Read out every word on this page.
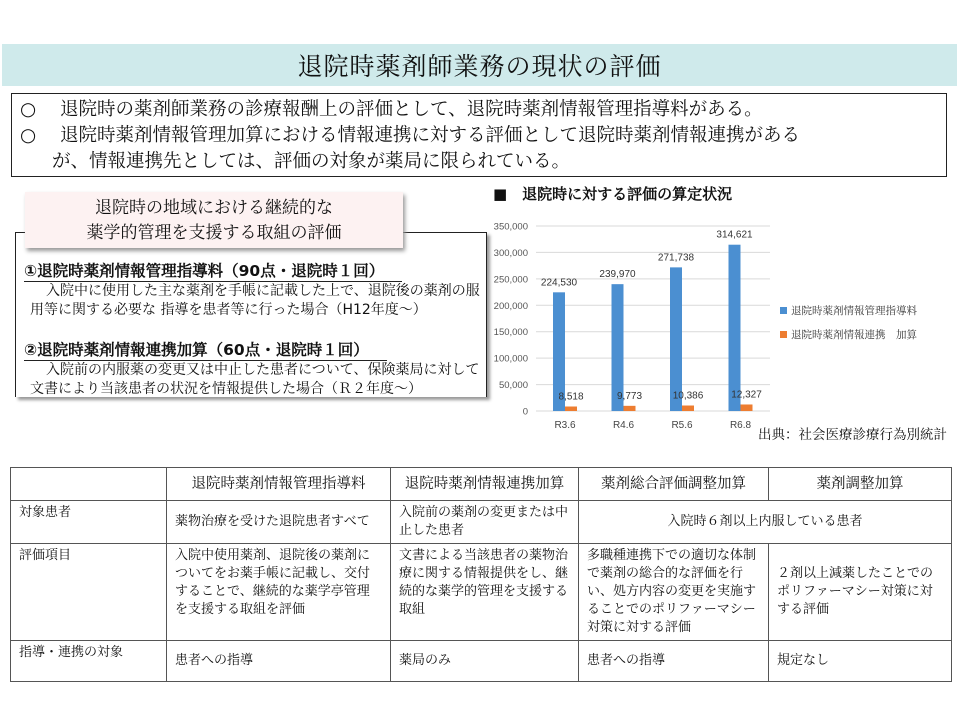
退院時薬剤師業務の現状の評価
○ 退院時の薬剤師業務の診療報酬上の評価として、退院時薬剤情報管理指導料がある。
○ 退院時薬剤情報管理加算における情報連携に対する評価として退院時薬剤情報連携がある
が、情報連携先としては、評価の対象が薬局に限られている。
退院時の地域における継続的な
薬学的管理を支援する取組の評価
①退院時薬剤情報管理指導料（90点・退院時１回）
入院中に使用した主な薬剤を手帳に記載した上で、退院後の薬剤の服
用等に関する必要な 指導を患者等に行った場合（H12年度～）
②退院時薬剤情報連携加算（60点・退院時１回）
入院前の内服薬の変更又は中止した患者について、保険薬局に対して
文書により当該患者の状況を情報提供した場合（Ｒ２年度～）
■　退院時に対する評価の算定状況
0
50,000
100,000
150,000
200,000
250,000
300,000
350,000
224,530
8,518
R3.6
239,970
9,773
R4.6
271,738
10,386
R5.6
314,621
12,327
R6.8
退院時薬剤情報管理指導料
退院時薬剤情報連携　加算
出典：社会医療診療行為別統計
	退院時薬剤情報管理指導料	退院時薬剤情報連携加算	薬剤総合評価調整加算	薬剤調整加算
対象患者	薬物治療を受けた退院患者すべて	入院前の薬剤の変更または中止した患者	入院時６剤以上内服している患者	
評価項目	入院中使用薬剤、退院後の薬剤についてをお薬手帳に記載し、交付することで、継続的な薬学亭管理を支援する取組を評価	文書による当該患者の薬物治療に関する情報提供をし、継続的な薬学的管理を支援する取組	多職種連携下での適切な体制で薬剤の総合的な評価を行い、処方内容の変更を実施することでのポリファーマシー対策に対する評価	２剤以上減薬したことでのポリファーマシー対策に対する評価
指導・連携の対象	患者への指導	薬局のみ	患者への指導	規定なし
